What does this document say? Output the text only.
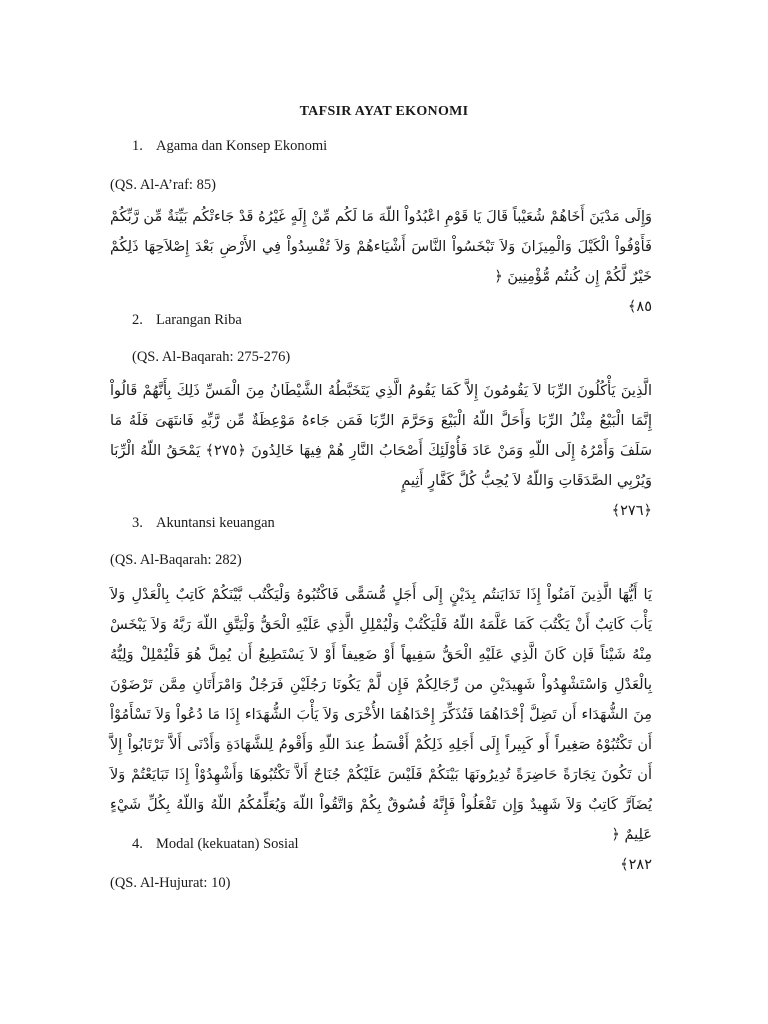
TAFSIR AYAT EKONOMI
1. Agama dan Konsep Ekonomi
(QS. Al-A’raf: 85)

وَإِلَى مَدْيَنَ أَخَاهُمْ شُعَيْباً قَالَ يَا قَوْمِ اعْبُدُواْ اللّهَ مَا لَكُم مِّنْ إِلَهٍ غَيْرُهُ قَدْ جَاءتْكُم بَيِّنَةٌ مِّن رَّبِّكُمْ فَأَوْفُواْ الْكَيْلَ وَالْمِيزَانَ وَلاَ تَبْخَسُواْ النَّاسَ أَشْيَاءهُمْ وَلاَ تُفْسِدُواْ فِي الأَرْضِ بَعْدَ إِصْلاَحِهَا ذَلِكُمْ خَيْرٌ لَّكُمْ إِن كُنتُم مُّؤْمِنِينَ ﴿

٨٥﴾

2. Larangan Riba
(QS. Al-Baqarah: 275-276)

الَّذِينَ يَأْكُلُونَ الرِّبَا لاَ يَقُومُونَ إِلاَّ كَمَا يَقُومُ الَّذِي يَتَخَبَّطُهُ الشَّيْطَانُ مِنَ الْمَسِّ ذَلِكَ بِأَنَّهُمْ قَالُواْ إِنَّمَا الْبَيْعُ مِثْلُ الرِّبَا وَأَحَلَّ اللّهُ الْبَيْعَ وَحَرَّمَ الرِّبَا فَمَن جَاءهُ مَوْعِظَةٌ مِّن رَّبِّهِ فَانتَهَىَ فَلَهُ مَا سَلَفَ وَأَمْرُهُ إِلَى اللّهِ وَمَنْ عَادَ فَأُوْلَئِكَ أَصْحَابُ النَّارِ هُمْ فِيهَا خَالِدُونَ ﴿٢٧٥﴾ يَمْحَقُ اللّهُ الْرِّبَا وَيُرْبِي الصَّدَقَاتِ وَاللّهُ لاَ يُحِبُّ كُلَّ كَفَّارٍ أَثِيمٍ

﴿٢٧٦﴾

3. Akuntansi keuangan
(QS. Al-Baqarah: 282)

يَا أَيُّهَا الَّذِينَ آمَنُواْ إِذَا تَدَايَنتُم بِدَيْنٍ إِلَى أَجَلٍ مُّسَمًّى فَاكْتُبُوهُ وَلْيَكْتُب بَّيْنَكُمْ كَاتِبٌ بِالْعَدْلِ وَلاَ يَأْبَ كَاتِبٌ أَنْ يَكْتُبَ كَمَا عَلَّمَهُ اللّهُ فَلْيَكْتُبْ وَلْيُمْلِلِ الَّذِي عَلَيْهِ الْحَقُّ وَلْيَتَّقِ اللّهَ رَبَّهُ وَلاَ يَبْخَسْ مِنْهُ شَيْئاً فَإن كَانَ الَّذِي عَلَيْهِ الْحَقُّ سَفِيهاً أَوْ ضَعِيفاً أَوْ لاَ يَسْتَطِيعُ أَن يُمِلَّ هُوَ فَلْيُمْلِلْ وَلِيُّهُ بِالْعَدْلِ وَاسْتَشْهِدُواْ شَهِيدَيْنِ من رِّجَالِكُمْ فَإِن لَّمْ يَكُونَا رَجُلَيْنِ فَرَجُلٌ وَامْرَأَتَانِ مِمَّن تَرْضَوْنَ مِنَ الشُّهَدَاء أَن تَضِلَّ إْحْدَاهُمَا فَتُذَكِّرَ إِحْدَاهُمَا الأُخْرَى وَلاَ يَأْبَ الشُّهَدَاء إِذَا مَا دُعُواْ وَلاَ تَسْأَمُوْاْ أَن تَكْتُبُوْهُ صَغِيراً أَو كَبِيراً إِلَى أَجَلِهِ ذَلِكُمْ أَقْسَطُ عِندَ اللّهِ وَأَقْومُ لِلشَّهَادَةِ وَأَدْنَى أَلاَّ تَرْتَابُواْ إِلاَّ أَن تَكُونَ تِجَارَةً حَاضِرَةً تُدِيرُونَهَا بَيْنَكُمْ فَلَيْسَ عَلَيْكُمْ جُنَاحٌ أَلاَّ تَكْتُبُوهَا وَأَشْهِدُوْاْ إِذَا تَبَايَعْتُمْ وَلاَ يُضَآرَّ كَاتِبٌ وَلاَ شَهِيدٌ وَإِن تَفْعَلُواْ فَإِنَّهُ فُسُوقٌ بِكُمْ وَاتَّقُواْ اللّهَ وَيُعَلِّمُكُمُ اللّهُ وَاللّهُ بِكُلِّ شَيْءٍ عَلِيمٌ ﴿

٢٨٢﴾

4. Modal (kekuatan) Sosial
(QS. Al-Hujurat: 10)
